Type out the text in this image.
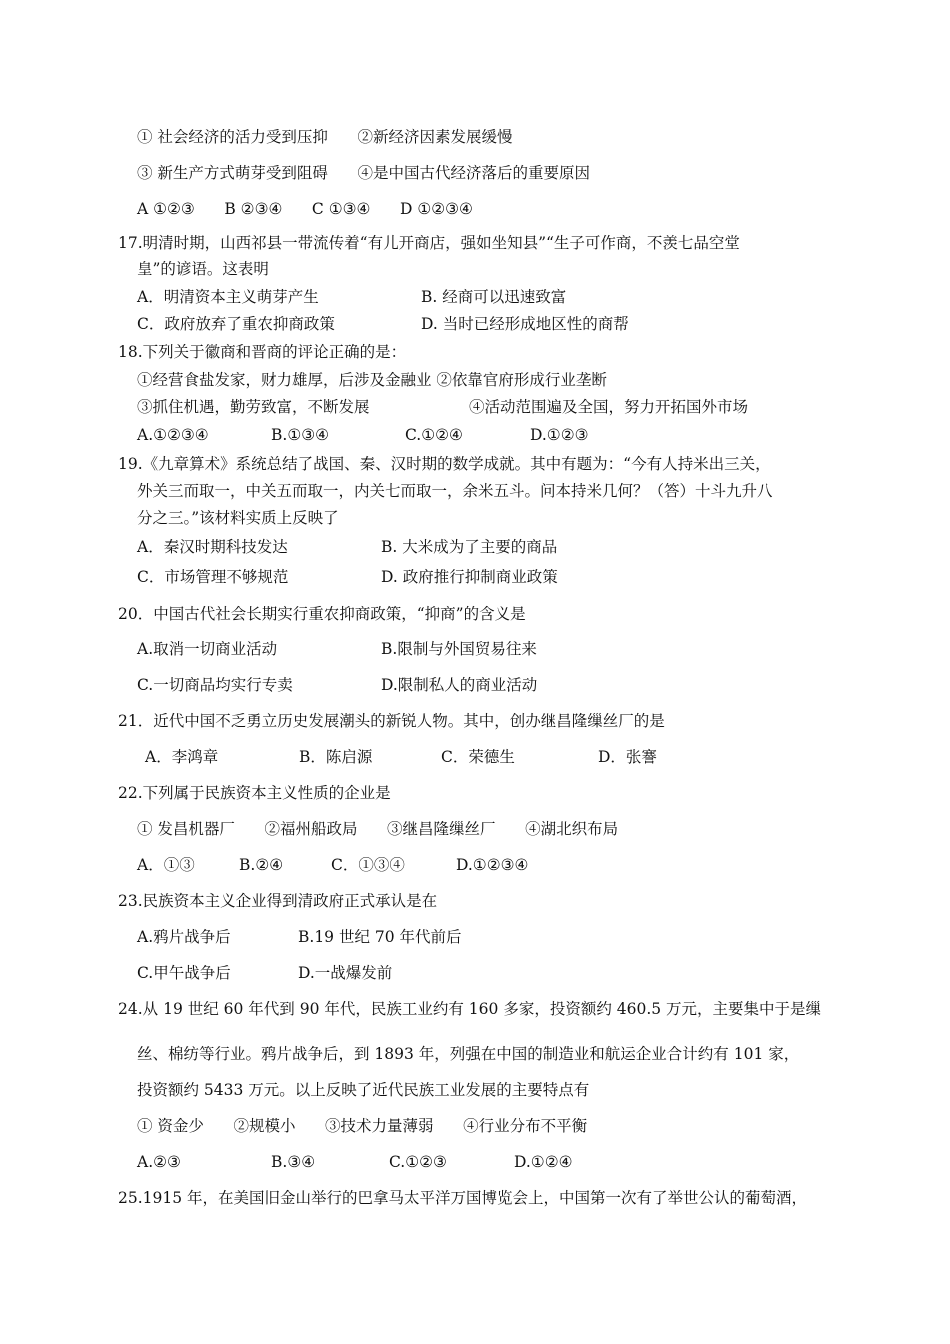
① 社会经济的活力受到压抑      ②新经济因素发展缓慢
③ 新生产方式萌芽受到阻碍      ④是中国古代经济落后的重要原因
A ①②③      B ②③④      C ①③④      D ①②③④
17.明清时期，山西祁县一带流传着“有儿开商店，强如坐知县”“生子可作商，不羡七品空堂
皇”的谚语。这表明
A．明清资本主义萌芽产生	B. 经商可以迅速致富
C．政府放弃了重农抑商政策	D. 当时已经形成地区性的商帮
18.下列关于徽商和晋商的评论正确的是：
①经营食盐发家，财力雄厚，后涉及金融业 ②依靠官府形成行业垄断
③抓住机遇，勤劳致富，不断发展	④活动范围遍及全国，努力开拓国外市场
A.①②③④	B.①③④	C.①②④	D.①②③
19.《九章算术》系统总结了战国、秦、汉时期的数学成就。其中有题为：“今有人持米出三关，
外关三而取一，中关五而取一，内关七而取一，余米五斗。问本持米几何？（答）十斗九升八
分之三。”该材料实质上反映了
A．秦汉时期科技发达	B. 大米成为了主要的商品
C．市场管理不够规范	D. 政府推行抑制商业政策
20．中国古代社会长期实行重农抑商政策，“抑商”的含义是
A.取消一切商业活动	B.限制与外国贸易往来
C.一切商品均实行专卖	D.限制私人的商业活动
21．近代中国不乏勇立历史发展潮头的新锐人物。其中，创办继昌隆缫丝厂的是
A．李鸿章	B．陈启源	C．荣德生	D．张謇
22.下列属于民族资本主义性质的企业是
① 发昌机器厂      ②福州船政局      ③继昌隆缫丝厂      ④湖北织布局
A．①③	B.②④	C．①③④	D.①②③④
23.民族资本主义企业得到清政府正式承认是在
A.鸦片战争后	B.19 世纪 70 年代前后
C.甲午战争后	D.一战爆发前
24.从 19 世纪 60 年代到 90 年代，民族工业约有 160 多家，投资额约 460.5 万元，主要集中于是缫
丝、棉纺等行业。鸦片战争后，到 1893 年，列强在中国的制造业和航运企业合计约有 101 家，
投资额约 5433 万元。以上反映了近代民族工业发展的主要特点有
① 资金少      ②规模小      ③技术力量薄弱      ④行业分布不平衡
A.②③	B.③④	C.①②③	D.①②④
25.1915 年，在美国旧金山举行的巴拿马太平洋万国博览会上，中国第一次有了举世公认的葡萄酒，
